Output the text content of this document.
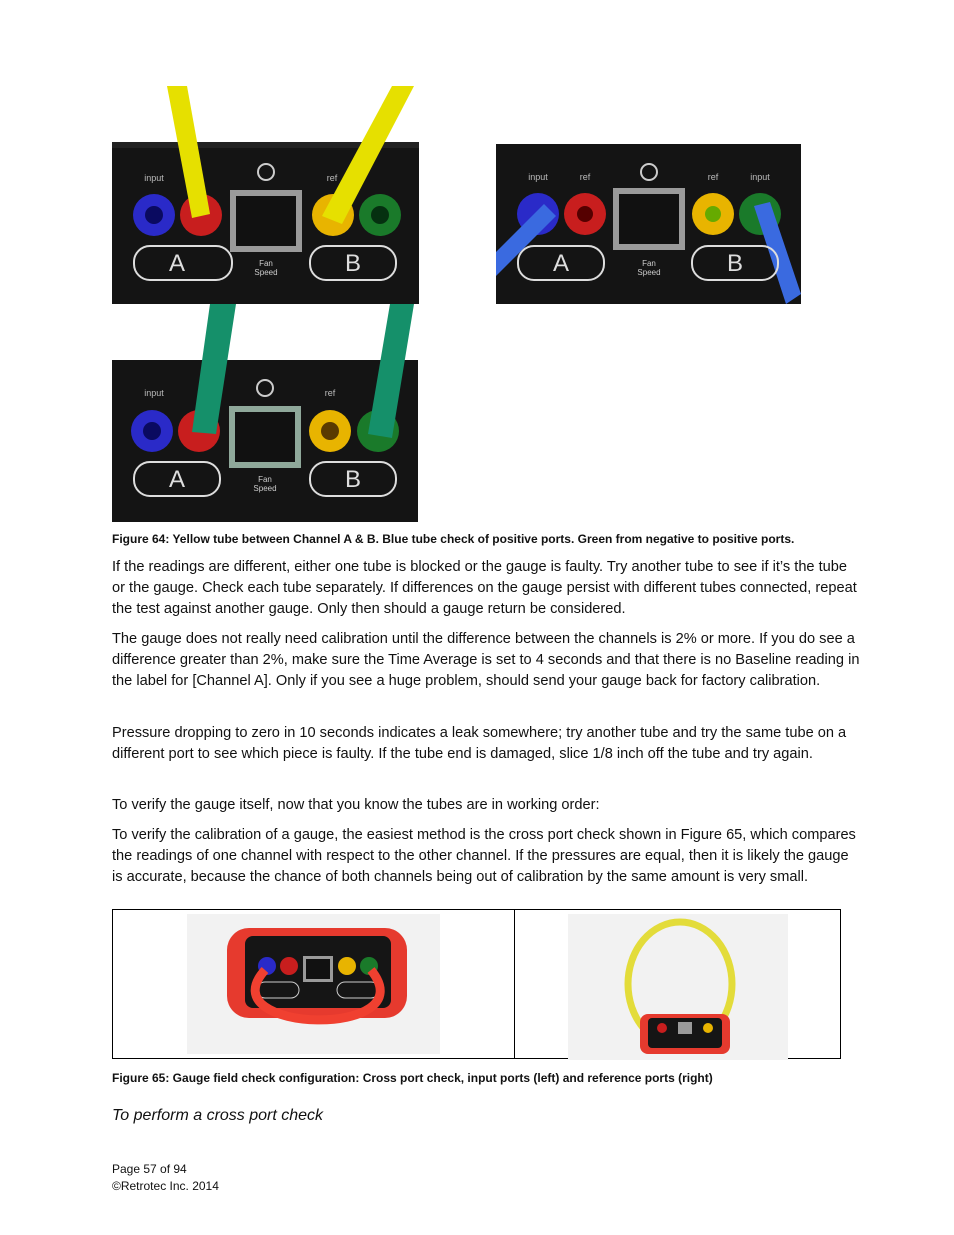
input	ref
A	B
Fan
Speed
input	ref	ref	input
A	B
Fan
Speed
input	ref
A	B
Fan
Speed
Figure 64: Yellow tube between Channel A & B. Blue tube check of positive ports. Green from negative to positive ports.
If the readings are different, either one tube is blocked or the gauge is faulty. Try another tube to see if it’s the tube or the gauge. Check each tube separately. If differences on the gauge persist with different tubes connected, repeat the test against another gauge. Only then should a gauge return be considered.
The gauge does not really need calibration until the difference between the channels is 2% or more. If you do see a difference greater than 2%, make sure the Time Average is set to 4 seconds and that there is no Baseline reading in the label for [Channel A]. Only if you see a huge problem, should send your gauge back for factory calibration.
Pressure dropping to zero in 10 seconds indicates a leak somewhere; try another tube and try the same tube on a different port to see which piece is faulty. If the tube end is damaged, slice 1/8 inch off the tube and try again.
To verify the gauge itself, now that you know the tubes are in working order:
To verify the calibration of a gauge, the easiest method is the cross port check shown in Figure 65, which compares the readings of one channel with respect to the other channel. If the pressures are equal, then it is likely the gauge is accurate, because the chance of both channels being out of calibration by the same amount is very small.
Figure 65: Gauge field check configuration: Cross port check, input ports (left) and reference ports (right)
To perform a cross port check
Page 57 of 94
©Retrotec Inc. 2014
